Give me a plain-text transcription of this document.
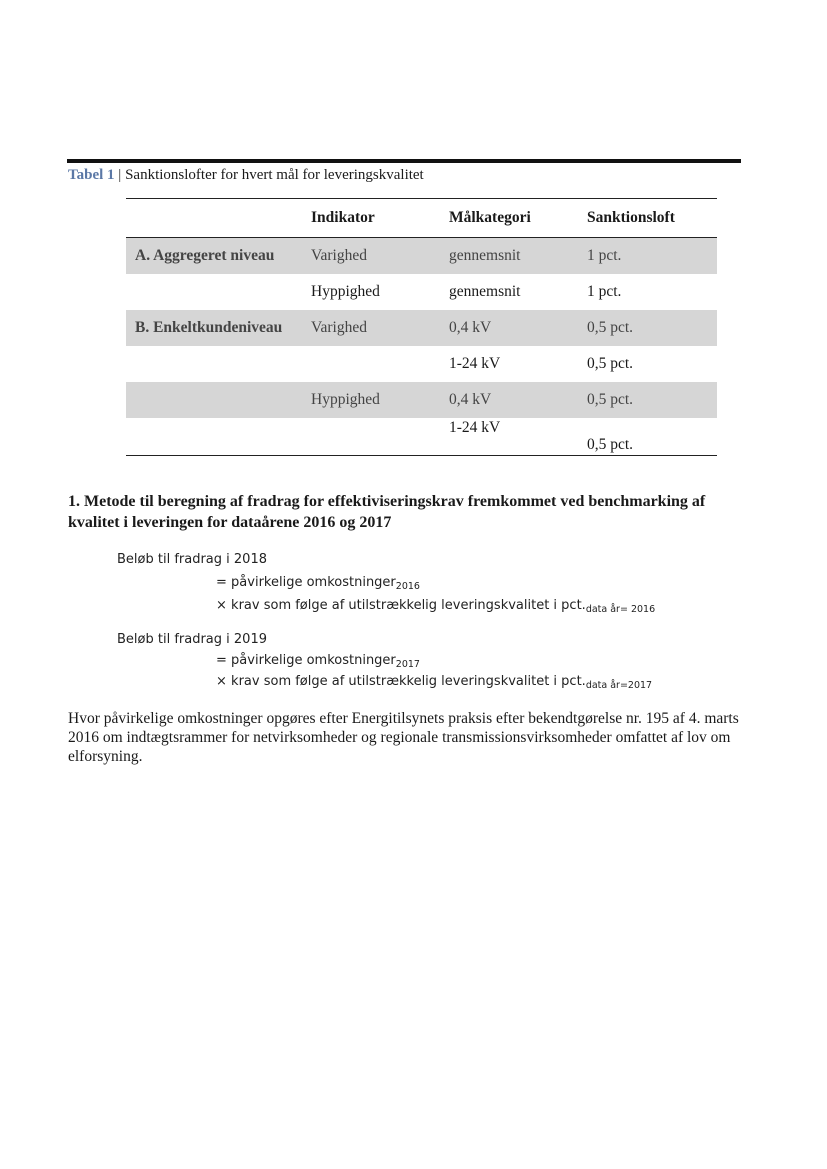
Tabel 1 | Sanktionslofter for hvert mål for leveringskvalitet
	Indikator	Målkategori	Sanktionsloft
A. Aggregeret niveau	Varighed	gennemsnit	1 pct.
	Hyppighed	gennemsnit	1 pct.
B. Enkeltkundeniveau	Varighed	0,4 kV	0,5 pct.
		1-24 kV	0,5 pct.
	Hyppighed	0,4 kV	0,5 pct.
		1-24 kV	0,5 pct.
1. Metode til beregning af fradrag for effektiviseringskrav fremkommet ved benchmarking af kvalitet i leveringen for dataårene 2016 og 2017
Beløb til fradrag i 2018
= påvirkelige omkostninger$_{2016}$
× krav som følge af utilstrækkelig leveringskvalitet i $pct._{data år= 2016}$
Beløb til fradrag i 2019
= påvirkelige omkostninger$_{2017}$
× krav som følge af utilstrækkelig leveringskvalitet i $pct._{data år=2017}$
Hvor påvirkelige omkostninger opgøres efter Energitilsynets praksis efter bekendtgørelse nr. 195 af 4. marts 2016 om indtægtsrammer for netvirksomheder og regionale transmissionsvirksomheder omfattet af lov om elforsyning.
